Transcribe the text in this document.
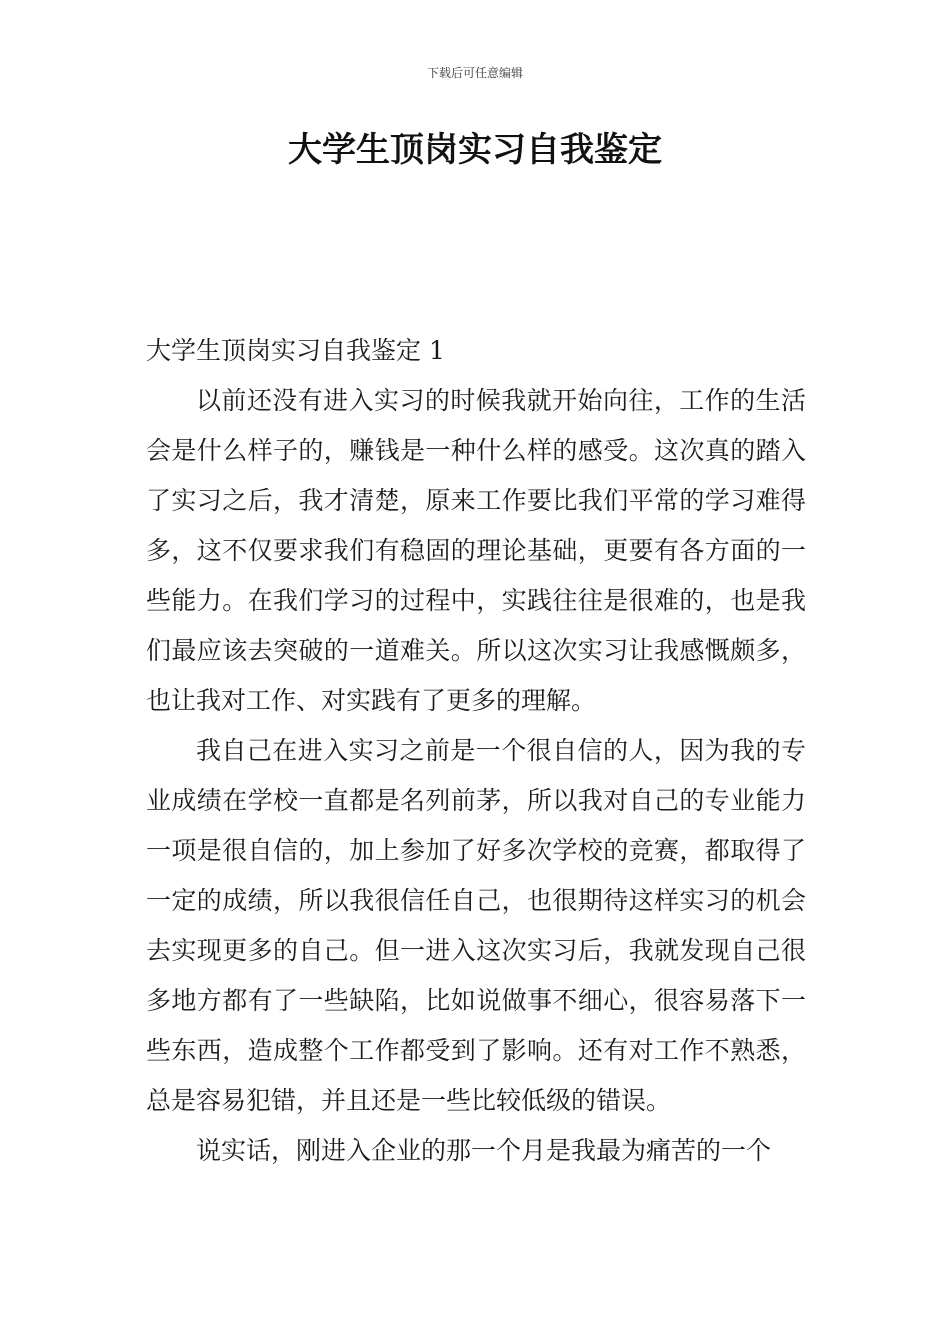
下载后可任意编辑
大学生顶岗实习自我鉴定

大学生顶岗实习自我鉴定 1

以前还没有进入实习的时候我就开始向往，工作的生活会是什么样子的，赚钱是一种什么样的感受。这次真的踏入了实习之后，我才清楚，原来工作要比我们平常的学习难得多，这不仅要求我们有稳固的理论基础，更要有各方面的一些能力。在我们学习的过程中，实践往往是很难的，也是我们最应该去突破的一道难关。所以这次实习让我感慨颇多，也让我对工作、对实践有了更多的理解。

我自己在进入实习之前是一个很自信的人，因为我的专业成绩在学校一直都是名列前茅，所以我对自己的专业能力一项是很自信的，加上参加了好多次学校的竞赛，都取得了一定的成绩，所以我很信任自己，也很期待这样实习的机会去实现更多的自己。但一进入这次实习后，我就发现自己很多地方都有了一些缺陷，比如说做事不细心，很容易落下一些东西，造成整个工作都受到了影响。还有对工作不熟悉，总是容易犯错，并且还是一些比较低级的错误。

说实话，刚进入企业的那一个月是我最为痛苦的一个
